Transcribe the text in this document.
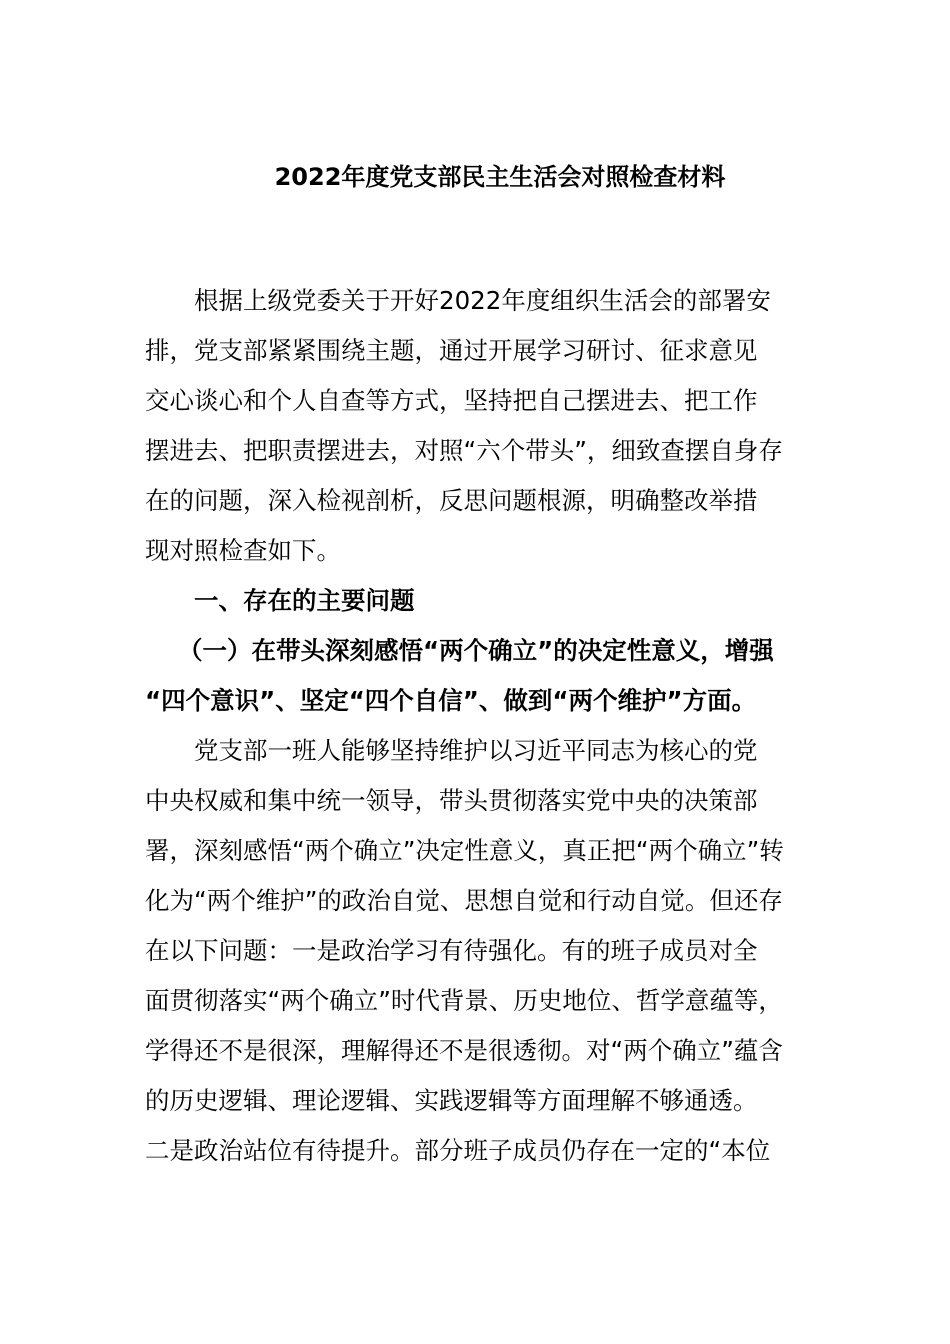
2022年度党支部民主生活会对照检查材料
　　根据上级党委关于开好2022年度组织生活会的部署安
排，党支部紧紧围绕主题，通过开展学习研讨、征求意见
交心谈心和个人自查等方式，坚持把自己摆进去、把工作
摆进去、把职责摆进去，对照“六个带头”，细致查摆自身存
在的问题，深入检视剖析，反思问题根源，明确整改举措
现对照检查如下。
　　一、存在的主要问题
　 （一）在带头深刻感悟“两个确立”的决定性意义，增强
“四个意识”、坚定“四个自信”、做到“两个维护”方面。
　　党支部一班人能够坚持维护以习近平同志为核心的党
中央权威和集中统一领导，带头贯彻落实党中央的决策部
署，深刻感悟“两个确立”决定性意义，真正把“两个确立”转
化为“两个维护”的政治自觉、思想自觉和行动自觉。但还存
在以下问题：一是政治学习有待强化。有的班子成员对全
面贯彻落实“两个确立”时代背景、历史地位、哲学意蕴等，
学得还不是很深，理解得还不是很透彻。对“两个确立”蕴含
的历史逻辑、理论逻辑、实践逻辑等方面理解不够通透。
二是政治站位有待提升。部分班子成员仍存在一定的“本位
